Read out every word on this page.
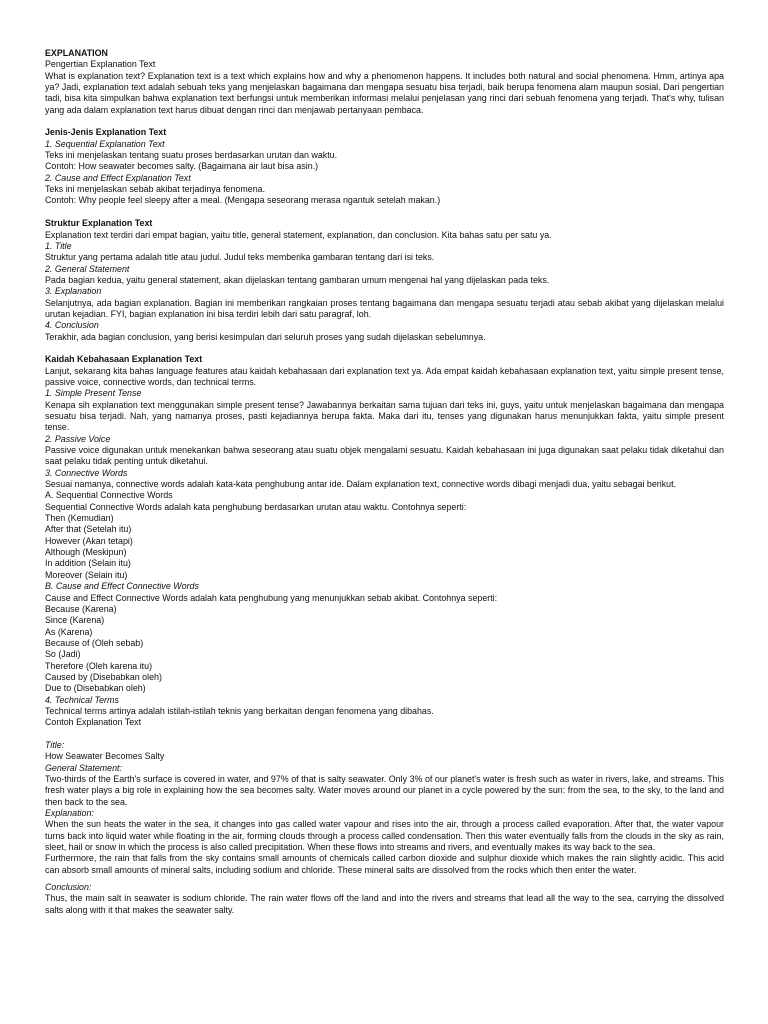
EXPLANATION

Pengertian Explanation Text

What is explanation text? Explanation text is a text which explains how and why a phenomenon happens. It includes both natural and social phenomena. Hmm, artinya apa ya? Jadi, explanation text adalah sebuah teks yang menjelaskan bagaimana dan mengapa sesuatu bisa terjadi, baik berupa fenomena alam maupun sosial. Dari pengertian tadi, bisa kita simpulkan bahwa explanation text berfungsi untuk memberikan informasi melalui penjelasan yang rinci dari sebuah fenomena yang terjadi. That's why, tulisan yang ada dalam explanation text harus dibuat dengan rinci dan menjawab pertanyaan pembaca.

Jenis-Jenis Explanation Text

1. Sequential Explanation Text

Teks ini menjelaskan tentang suatu proses berdasarkan urutan dan waktu.

Contoh: How seawater becomes salty. (Bagaimana air laut bisa asin.)

2. Cause and Effect Explanation Text

Teks ini menjelaskan sebab akibat terjadinya fenomena.

Contoh: Why people feel sleepy after a meal. (Mengapa seseorang merasa ngantuk setelah makan.)

Struktur Explanation Text

Explanation text terdiri dari empat bagian, yaitu title, general statement, explanation, dan conclusion. Kita bahas satu per satu ya.

1. Title

Struktur yang pertama adalah title atau judul. Judul teks memberika gambaran tentang dari isi teks.

2. General Statement

Pada bagian kedua, yaitu general statement, akan dijelaskan tentang gambaran umum mengenai hal yang dijelaskan pada teks.

3. Explanation

Selanjutnya, ada bagian explanation. Bagian ini memberikan rangkaian proses tentang bagaimana dan mengapa sesuatu terjadi atau sebab akibat yang dijelaskan melalui urutan kejadian. FYI, bagian explanation ini bisa terdiri lebih dari satu paragraf, loh.

4. Conclusion

Terakhir, ada bagian conclusion, yang berisi kesimpulan dari seluruh proses yang sudah dijelaskan sebelumnya.

Kaidah Kebahasaan Explanation Text

Lanjut, sekarang kita bahas language features atau kaidah kebahasaan dari explanation text ya. Ada empat kaidah kebahasaan explanation text, yaitu simple present tense, passive voice, connective words, dan technical terms.

1. Simple Present Tense

Kenapa sih explanation text menggunakan simple present tense? Jawabannya berkaitan sama tujuan dari teks ini, guys, yaitu untuk menjelaskan bagaimana dan mengapa sesuatu bisa terjadi. Nah, yang namanya proses, pasti kejadiannya berupa fakta. Maka dari itu, tenses yang digunakan harus menunjukkan fakta, yaitu simple present tense.

2. Passive Voice

Passive voice digunakan untuk menekankan bahwa seseorang atau suatu objek mengalami sesuatu. Kaidah kebahasaan ini juga digunakan saat pelaku tidak diketahui dan saat pelaku tidak penting untuk diketahui.

3. Connective Words

Sesuai namanya, connective words adalah kata-kata penghubung antar ide. Dalam explanation text, connective words dibagi menjadi dua, yaitu sebagai berikut.

A. Sequential Connective Words

Sequential Connective Words adalah kata penghubung berdasarkan urutan atau waktu. Contohnya seperti:

Then (Kemudian)

After that (Setelah itu)

However (Akan tetapi)

Although (Meskipun)

In addition (Selain itu)

Moreover (Selain itu)

B. Cause and Effect Connective Words

Cause and Effect Connective Words adalah kata penghubung yang menunjukkan sebab akibat. Contohnya seperti:

Because (Karena)

Since (Karena)

As (Karena)

Because of (Oleh sebab)

So (Jadi)

Therefore (Oleh karena itu)

Caused by (Disebabkan oleh)

Due to (Disebabkan oleh)

4. Technical Terms

Technical terms artinya adalah istilah-istilah teknis yang berkaitan dengan fenomena yang dibahas.

Contoh Explanation Text

Title:

How Seawater Becomes Salty

General Statement:

Two-thirds of the Earth's surface is covered in water, and 97% of that is salty seawater. Only 3% of our planet's water is fresh such as water in rivers, lake, and streams. This fresh water plays a big role in explaining how the sea becomes salty. Water moves around our planet in a cycle powered by the sun: from the sea, to the sky, to the land and then back to the sea.

Explanation:

When the sun heats the water in the sea, it changes into gas called water vapour and rises into the air, through a process called evaporation. After that, the water vapour turns back into liquid water while floating in the air, forming clouds through a process called condensation. Then this water eventually falls from the clouds in the sky as rain, sleet, hail or snow in which the process is also called precipitation. When these flows into streams and rivers, and eventually makes its way back to the sea.

Furthermore, the rain that falls from the sky contains small amounts of chemicals called carbon dioxide and sulphur dioxide which makes the rain slightly acidic. This acid can absorb small amounts of mineral salts, including sodium and chloride. These mineral salts are dissolved from the rocks which then enter the water.

Conclusion:

Thus, the main salt in seawater is sodium chloride. The rain water flows off the land and into the rivers and streams that lead all the way to the sea, carrying the dissolved salts along with it that makes the seawater salty.
